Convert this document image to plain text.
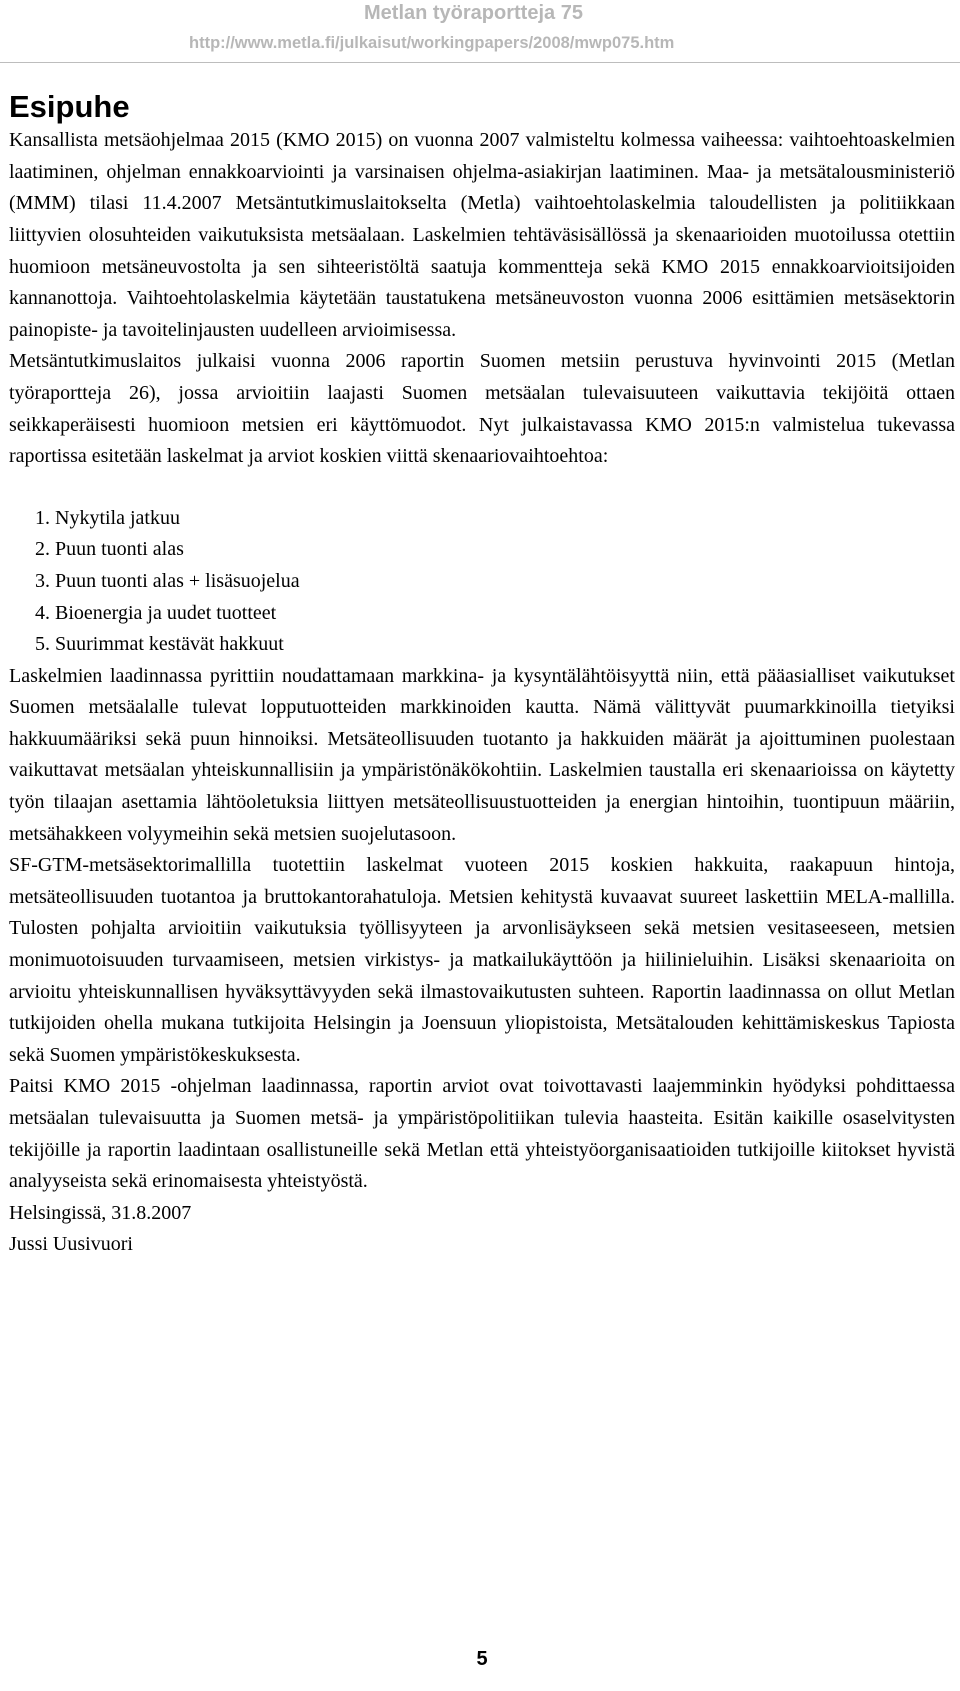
Metlan työraportteja 75
http://www.metla.fi/julkaisut/workingpapers/2008/mwp075.htm
Esipuhe

Kansallista metsäohjelmaa 2015 (KMO 2015) on vuonna 2007 valmisteltu kolmessa vaiheessa: vaihtoehtoaskelmien laatiminen, ohjelman ennakkoarviointi ja varsinaisen ohjelma-asiakirjan laatiminen. Maa- ja metsätalousministeriö (MMM) tilasi 11.4.2007 Metsäntutkimuslaitokselta (Metla) vaihtoehtolaskelmia taloudellisten ja politiikkaan liittyvien olosuhteiden vaikutuksista metsäalaan. Laskelmien tehtäväsisällössä ja skenaarioiden muotoilussa otettiin huomioon metsäneuvostolta ja sen sihteeristöltä saatuja kommentteja sekä KMO 2015 ennakkoarvioitsijoiden kannanottoja. Vaihtoehtolaskelmia käytetään taustatukena metsäneuvoston vuonna 2006 esittämien metsäsektorin painopiste- ja tavoitelinjausten uudelleen arvioimisessa.

Metsäntutkimuslaitos julkaisi vuonna 2006 raportin Suomen metsiin perustuva hyvinvointi 2015 (Metlan työraportteja 26), jossa arvioitiin laajasti Suomen metsäalan tulevaisuuteen vaikuttavia tekijöitä ottaen seikkaperäisesti huomioon metsien eri käyttömuodot. Nyt julkaistavassa KMO 2015:n valmistelua tukevassa raportissa esitetään laskelmat ja arviot koskien viittä skenaariovaihtoehtoa:

1. Nykytila jatkuu
2. Puun tuonti alas
3. Puun tuonti alas + lisäsuojelua
4. Bioenergia ja uudet tuotteet
5. Suurimmat kestävät hakkuut

Laskelmien laadinnassa pyrittiin noudattamaan markkina- ja kysyntälähtöisyyttä niin, että pääasialliset vaikutukset Suomen metsäalalle tulevat lopputuotteiden markkinoiden kautta. Nämä välittyvät puumarkkinoilla tietyiksi hakkuumääriksi sekä puun hinnoiksi. Metsäteollisuuden tuotanto ja hakkuiden määrät ja ajoittuminen puolestaan vaikuttavat metsäalan yhteiskunnallisiin ja ympäristönäkökohtiin. Laskelmien taustalla eri skenaarioissa on käytetty työn tilaajan asettamia lähtöoletuksia liittyen metsäteollisuustuotteiden ja energian hintoihin, tuontipuun määriin, metsähakkeen volyymeihin sekä metsien suojelutasoon.

SF-GTM-metsäsektorimallilla tuotettiin laskelmat vuoteen 2015 koskien hakkuita, raakapuun hintoja, metsäteollisuuden tuotantoa ja bruttokantorahatuloja. Metsien kehitystä kuvaavat suureet laskettiin MELA-mallilla. Tulosten pohjalta arvioitiin vaikutuksia työllisyyteen ja arvonlisäykseen sekä metsien vesitaseeseen, metsien monimuotoisuuden turvaamiseen, metsien virkistys- ja matkailukäyttöön ja hiilinieluihin. Lisäksi skenaarioita on arvioitu yhteiskunnallisen hyväksyttävyyden sekä ilmastovaikutusten suhteen. Raportin laadinnassa on ollut Metlan tutkijoiden ohella mukana tutkijoita Helsingin ja Joensuun yliopistoista, Metsätalouden kehittämiskeskus Tapiosta sekä Suomen ympäristökeskuksesta.

Paitsi KMO 2015 -ohjelman laadinnassa, raportin arviot ovat toivottavasti laajemminkin hyödyksi pohdittaessa metsäalan tulevaisuutta ja Suomen metsä- ja ympäristöpolitiikan tulevia haasteita. Esitän kaikille osaselvitysten tekijöille ja raportin laadintaan osallistuneille sekä Metlan että yhteistyöorganisaatioiden tutkijoille kiitokset hyvistä analyyseista sekä erinomaisesta yhteistyöstä.

Helsingissä, 31.8.2007

Jussi Uusivuori

5
